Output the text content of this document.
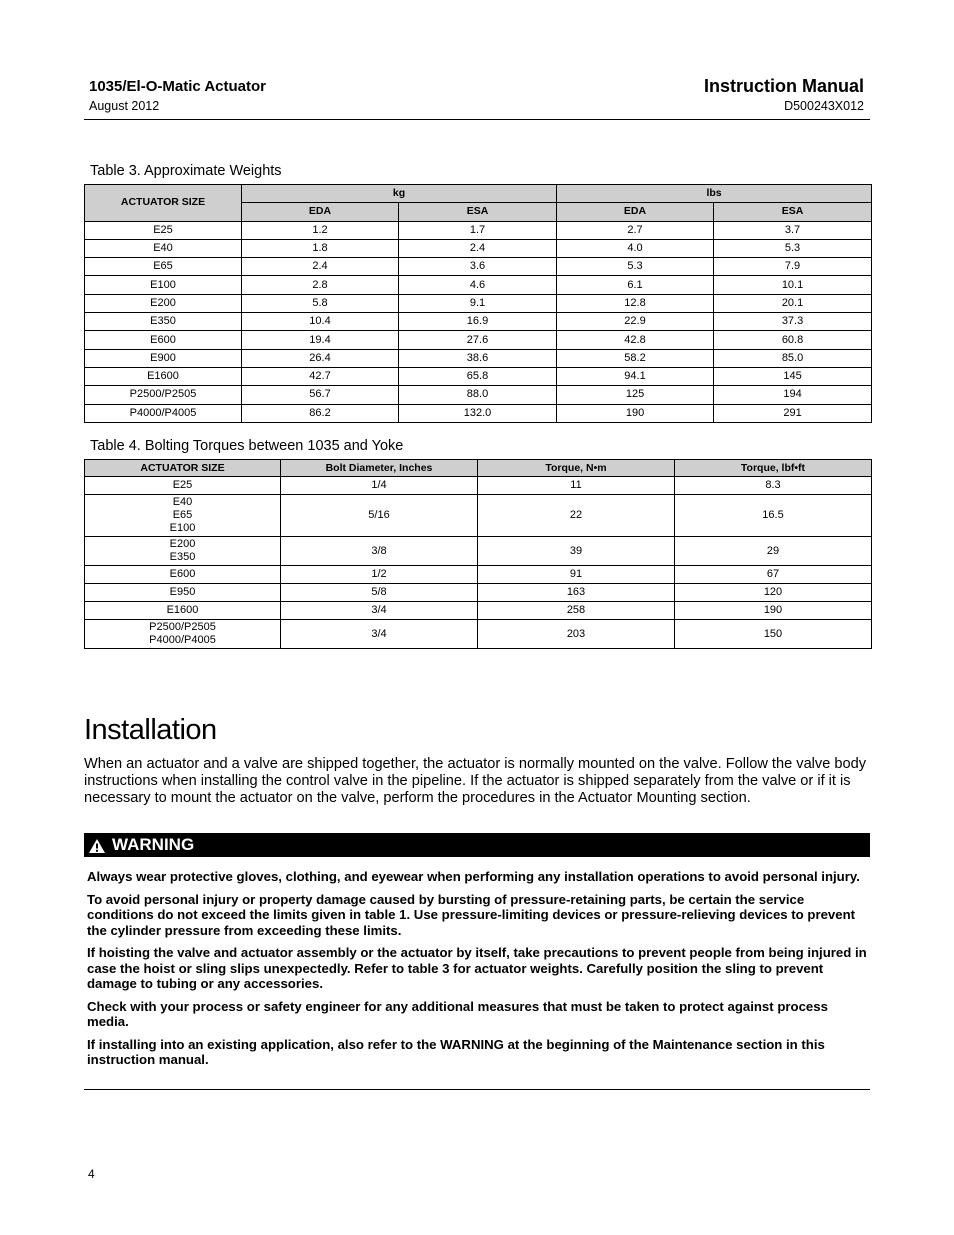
1035/El-O-Matic Actuator
August 2012
Instruction Manual
D500243X012
Table 3. Approximate Weights
ACTUATOR SIZE	kg		lbs	
	EDA	ESA	EDA	ESA
E25	1.2	1.7	2.7	3.7
E40	1.8	2.4	4.0	5.3
E65	2.4	3.6	5.3	7.9
E100	2.8	4.6	6.1	10.1
E200	5.8	9.1	12.8	20.1
E350	10.4	16.9	22.9	37.3
E600	19.4	27.6	42.8	60.8
E900	26.4	38.6	58.2	85.0
E1600	42.7	65.8	94.1	145
P2500/P2505	56.7	88.0	125	194
P4000/P4005	86.2	132.0	190	291
Table 4. Bolting Torques between 1035 and Yoke
ACTUATOR SIZE	Bolt Diameter, Inches	Torque, N•m	Torque, lbf•ft

E25	1/4	11	8.3

E40
E65
E100	5/16	22	16.5

E200
E350	3/8	39	29

E600	1/2	91	67

E950	5/8	163	120

E1600	3/4	258	190

P2500/P2505
P4000/P4005	3/4	203	150
Installation
When an actuator and a valve are shipped together, the actuator is normally mounted on the valve. Follow the valve body instructions when installing the control valve in the pipeline. If the actuator is shipped separately from the valve or if it is necessary to mount the actuator on the valve, perform the procedures in the Actuator Mounting section.
WARNING

Always wear protective gloves, clothing, and eyewear when performing any installation operations to avoid personal injury.

To avoid personal injury or property damage caused by bursting of pressure-retaining parts, be certain the service conditions do not exceed the limits given in table 1. Use pressure-limiting devices or pressure-relieving devices to prevent the cylinder pressure from exceeding these limits.

If hoisting the valve and actuator assembly or the actuator by itself, take precautions to prevent people from being injured in case the hoist or sling slips unexpectedly. Refer to table 3 for actuator weights. Carefully position the sling to prevent damage to tubing or any accessories.

Check with your process or safety engineer for any additional measures that must be taken to protect against process media.

If installing into an existing application, also refer to the WARNING at the beginning of the Maintenance section in this instruction manual.

4
